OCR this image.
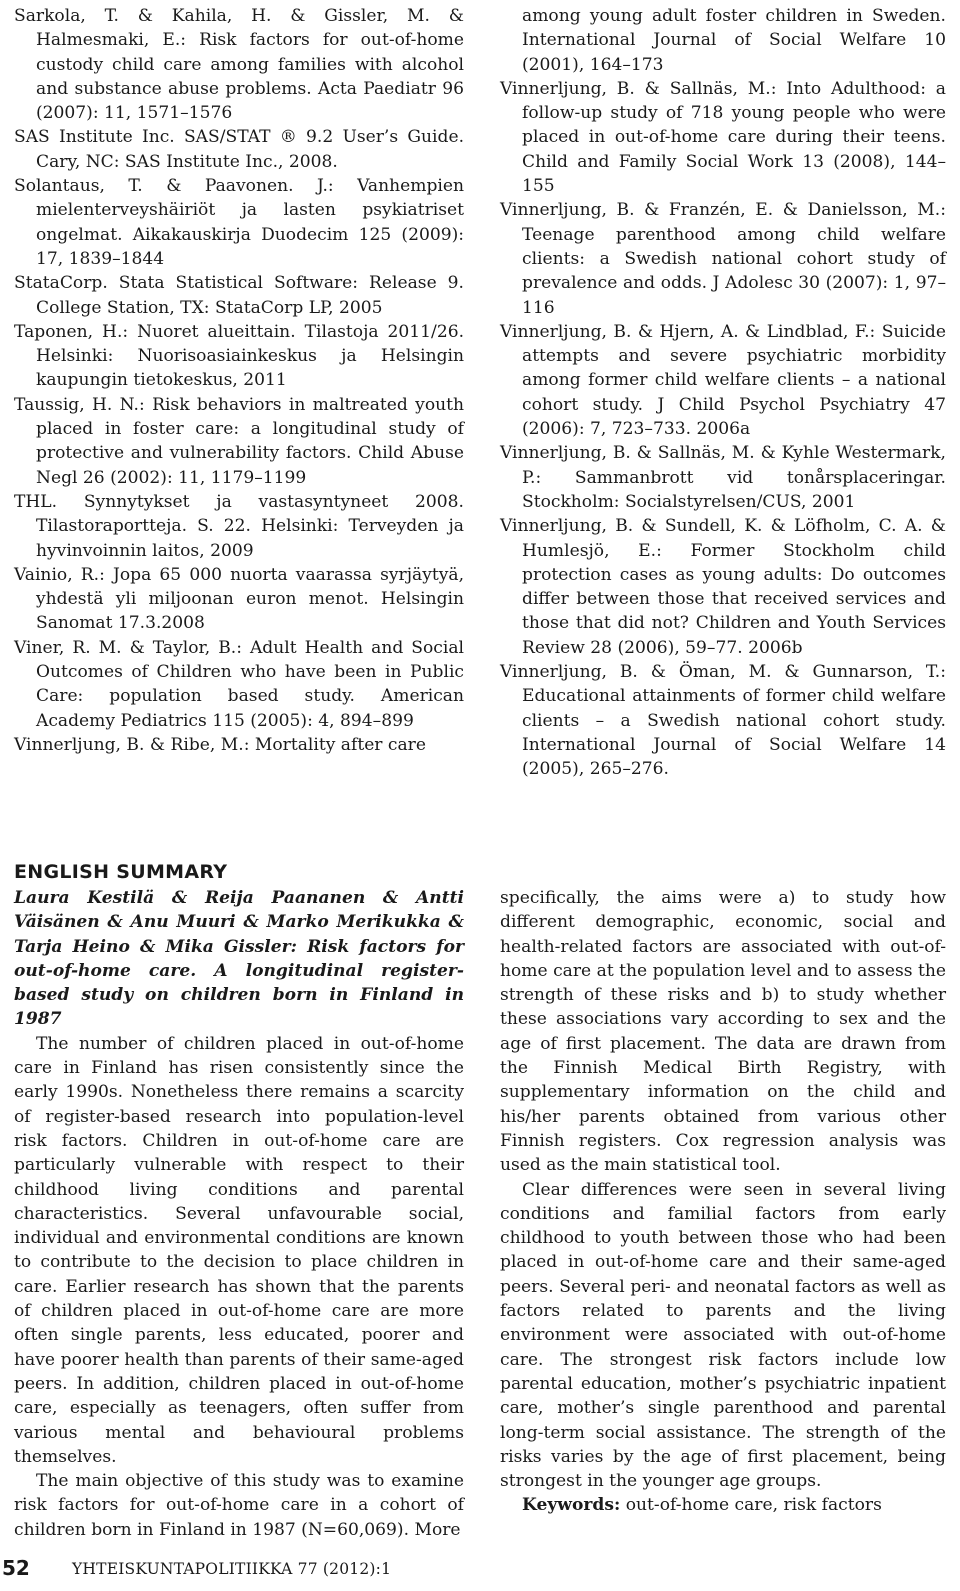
Sarkola, T. & Kahila, H. & Gissler, M. & Halmesmaki, E.: Risk factors for out-of-home custody child care among families with alcohol and substance abuse problems. Acta Paediatr 96 (2007): 11, 1571–1576
SAS Institute Inc. SAS/STAT ® 9.2 User’s Guide. Cary, NC: SAS Institute Inc., 2008.
Solantaus, T. & Paavonen. J.: Vanhempien mielenterveyshäiriöt ja lasten psykiatriset ongelmat. Aikakauskirja Duodecim 125 (2009): 17, 1839–1844
StataCorp. Stata Statistical Software: Release 9. College Station, TX: StataCorp LP, 2005
Taponen, H.: Nuoret alueittain. Tilastoja 2011/26. Helsinki: Nuorisoasiainkeskus ja Helsingin kaupungin tietokeskus, 2011
Taussig, H. N.: Risk behaviors in maltreated youth placed in foster care: a longitudinal study of protective and vulnerability factors. Child Abuse Negl 26 (2002): 11, 1179–1199
THL. Synnytykset ja vastasyntyneet 2008. Tilastoraportteja. S. 22. Helsinki: Terveyden ja hyvinvoinnin laitos, 2009
Vainio, R.: Jopa 65 000 nuorta vaarassa syrjäytyä, yhdestä yli miljoonan euron menot. Helsingin Sanomat 17.3.2008
Viner, R. M. & Taylor, B.: Adult Health and Social Outcomes of Children who have been in Public Care: population based study. American Academy Pediatrics 115 (2005): 4, 894–899
Vinnerljung, B. & Ribe, M.: Mortality after care
among young adult foster children in Sweden. International Journal of Social Welfare 10 (2001), 164–173
Vinnerljung, B. & Sallnäs, M.: Into Adulthood: a follow-up study of 718 young people who were placed in out-of-home care during their teens. Child and Family Social Work 13 (2008), 144–155
Vinnerljung, B. & Franzén, E. & Danielsson, M.: Teenage parenthood among child welfare clients: a Swedish national cohort study of prevalence and odds. J Adolesc 30 (2007): 1, 97–116
Vinnerljung, B. & Hjern, A. & Lindblad, F.: Suicide attempts and severe psychiatric morbidity among former child welfare clients – a national cohort study. J Child Psychol Psychiatry 47 (2006): 7, 723–733. 2006a
Vinnerljung, B. & Sallnäs, M. & Kyhle Westermark, P.: Sammanbrott vid tonårsplaceringar. Stockholm: Socialstyrelsen/CUS, 2001
Vinnerljung, B. & Sundell, K. & Löfholm, C. A. & Humlesjö, E.: Former Stockholm child protection cases as young adults: Do outcomes differ between those that received services and those that did not? Children and Youth Services Review 28 (2006), 59–77. 2006b
Vinnerljung, B. & Öman, M. & Gunnarson, T.: Educational attainments of former child welfare clients – a Swedish national cohort study. International Journal of Social Welfare 14 (2005), 265–276.
ENGLISH SUMMARY

Laura Kestilä & Reija Paananen & Antti Väisänen & Anu Muuri & Marko Merikukka & Tarja Heino & Mika Gissler: Risk factors for out-of-home care. A longitudinal register-based study on children born in Finland in 1987

The number of children placed in out-of-home care in Finland has risen consistently since the early 1990s. Nonetheless there remains a scarcity of register-based research into population-level risk factors. Children in out-of-home care are particularly vulnerable with respect to their childhood living conditions and parental characteristics. Several unfavourable social, individual and environmental conditions are known to contribute to the decision to place children in care. Earlier research has shown that the parents of children placed in out-of-home care are more often single parents, less educated, poorer and have poorer health than parents of their same-aged peers. In addition, children placed in out-of-home care, especially as teenagers, often suffer from various mental and behavioural problems themselves.

The main objective of this study was to examine risk factors for out-of-home care in a cohort of children born in Finland in 1987 (N=60,069). More

specifically, the aims were a) to study how different demographic, economic, social and health-related factors are associated with out-of-home care at the population level and to assess the strength of these risks and b) to study whether these associations vary according to sex and the age of first placement. The data are drawn from the Finnish Medical Birth Registry, with supplementary information on the child and his/her parents obtained from various other Finnish registers. Cox regression analysis was used as the main statistical tool.

Clear differences were seen in several living conditions and familial factors from early childhood to youth between those who had been placed in out-of-home care and their same-aged peers. Several peri- and neonatal factors as well as factors related to parents and the living environment were associated with out-of-home care. The strongest risk factors include low parental education, mother’s psychiatric inpatient care, mother’s single parenthood and parental long-term social assistance. The strength of the risks varies by the age of first placement, being strongest in the younger age groups.

Keywords: out-of-home care, risk factors

52	YHTEISKUNTAPOLITIIKKA 77 (2012):1
